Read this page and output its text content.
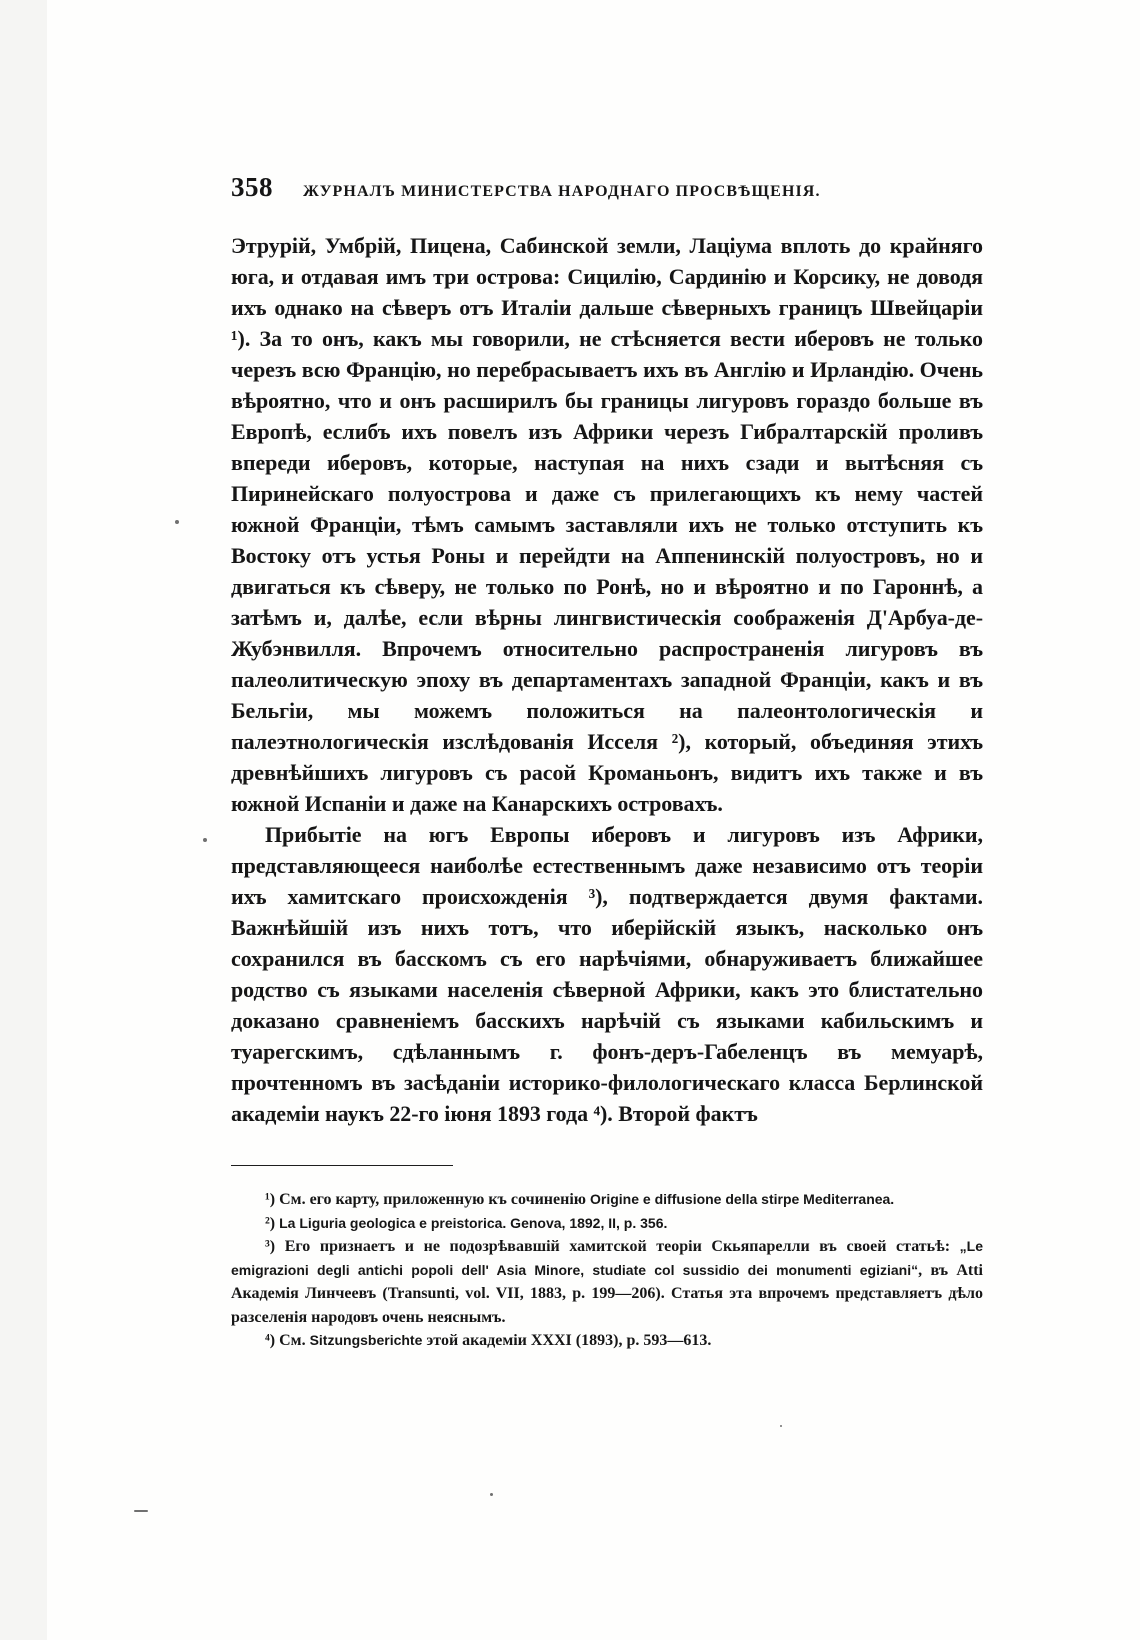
358	ЖУРНАЛЪ МИНИСТЕРСТВА НАРОДНАГО ПРОСВѢЩЕНІЯ.

Этрурій, Умбрій, Пицена, Сабинской земли, Лаціума вплоть до крайняго юга, и отдавая имъ три острова: Сицилію, Сардинію и Корсику, не доводя ихъ однако на сѣверъ отъ Италіи дальше сѣверныхъ границъ Швейцаріи ¹). За то онъ, какъ мы говорили, не стѣсняется вести иберовъ не только черезъ всю Францію, но перебрасываетъ ихъ въ Англію и Ирландію. Очень вѣроятно, что и онъ расширилъ бы границы лигуровъ гораздо больше въ Европѣ, еслибъ ихъ повелъ изъ Африки черезъ Гибралтарскій проливъ впереди иберовъ, которые, наступая на нихъ сзади и вытѣсняя съ Пиринейскаго полуострова и даже съ прилегающихъ къ нему частей южной Франціи, тѣмъ самымъ заставляли ихъ не только отступить къ Востоку отъ устья Роны и перейдти на Аппенинскій полуостровъ, но и двигаться къ сѣверу, не только по Ронѣ, но и вѣроятно и по Гароннѣ, а затѣмъ и, далѣе, если вѣрны лингвистическія соображенія Д'Арбуа-де-Жубэнвилля. Впрочемъ относительно распространенія лигуровъ въ палеолитическую эпоху въ департаментахъ западной Франціи, какъ и въ Бельгіи, мы можемъ положиться на палеонтологическія и палеэтнологическія изслѣдованія Исселя ²), который, объединяя этихъ древнѣйшихъ лигуровъ съ расой Кроманьонъ, видитъ ихъ также и въ южной Испаніи и даже на Канарскихъ островахъ.

Прибытіе на югъ Европы иберовъ и лигуровъ изъ Африки, представляющееся наиболѣе естественнымъ даже независимо отъ теоріи ихъ хамитскаго происхожденія ³), подтверждается двумя фактами. Важнѣйшій изъ нихъ тотъ, что иберійскій языкъ, насколько онъ сохранился въ басскомъ съ его нарѣчіями, обнаруживаетъ ближайшее родство съ языками населенія сѣверной Африки, какъ это блистательно доказано сравненіемъ басскихъ нарѣчій съ языками кабильскимъ и туарегскимъ, сдѣланнымъ г. фонъ-деръ-Габеленцъ въ мемуарѣ, прочтенномъ въ засѣданіи историко-филологическаго класса Берлинской академіи наукъ 22-го іюня 1893 года ⁴). Второй фактъ

¹) См. его карту, приложенную къ сочиненію Origine e diffusione della stirpe Mediterranea.

²) La Liguria geologica e preistorica. Genova, 1892, II, p. 356.

³) Его признаетъ и не подозрѣвавшій хамитской теоріи Скьяпарелли въ своей статьѣ: „Le emigrazioni degli antichi popoli dell' Asia Minore, studiate col sussidio dei monumenti egiziani“, въ Atti Академія Линчеевъ (Transunti, vol. VII, 1883, p. 199—206). Статья эта впрочемъ представляетъ дѣло разселенія народовъ очень неяснымъ.

⁴) См. Sitzungsberichte этой академіи XXXI (1893), p. 593—613.
